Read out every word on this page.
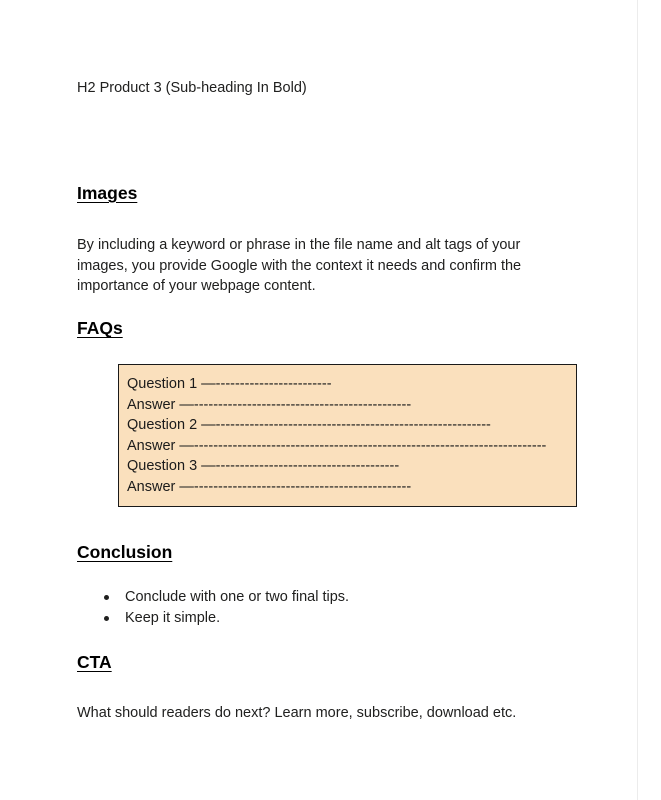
H2 Product 3 (Sub-heading In Bold)
Images

By including a keyword or phrase in the file name and alt tags of your images, you provide Google with the context it needs and confirm the importance of your webpage content.

FAQs
Question 1 —------------------------
Answer —---------------------------------------------
Question 2 —---------------------------------------------------------
Answer —-------------------------------------------------------------------------
Question 3 —--------------------------------------
Answer —---------------------------------------------
Conclusion
Conclude with one or two final tips.
Keep it simple.
CTA

What should readers do next? Learn more, subscribe, download etc.
